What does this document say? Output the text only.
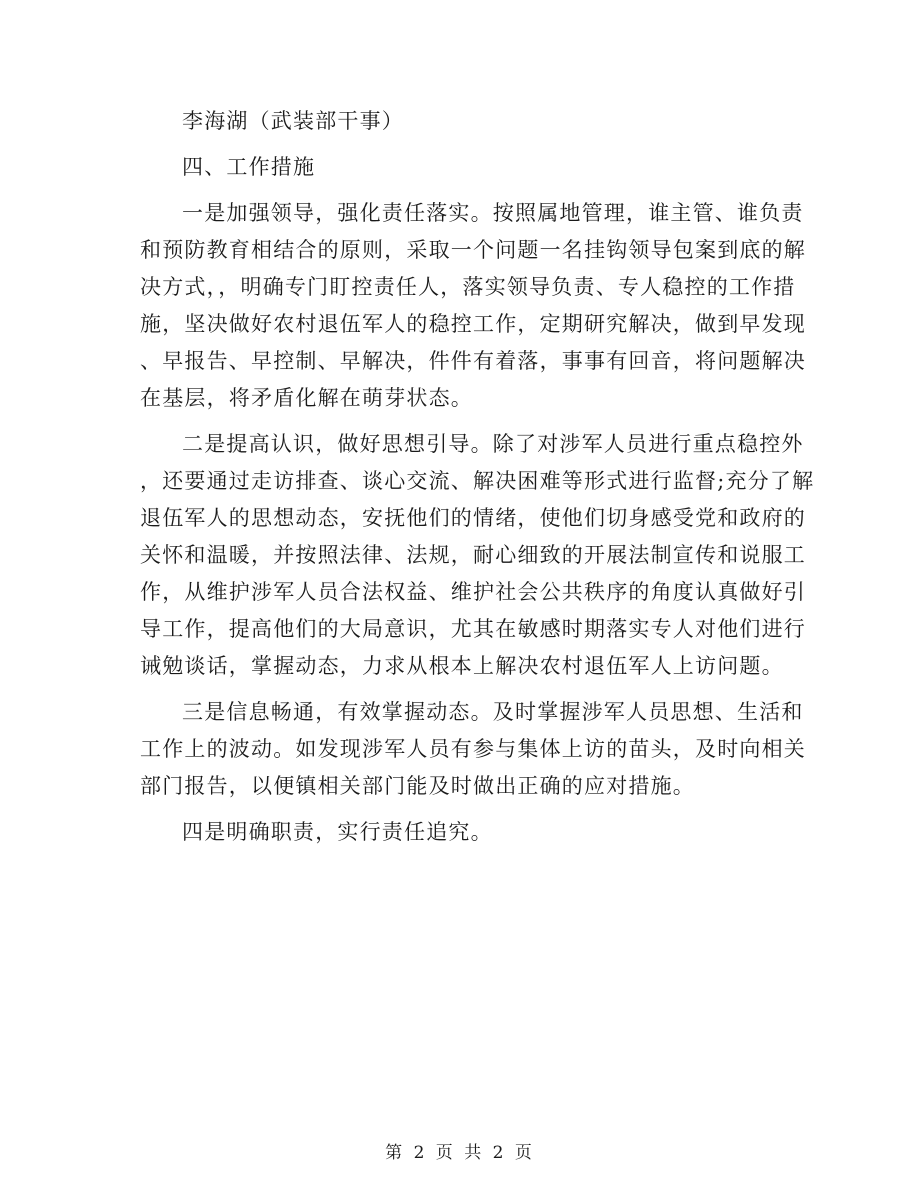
李海湖（武装部干事）

四、工作措施

一是加强领导，强化责任落实。按照属地管理，谁主管、谁负责
和预防教育相结合的原则，采取一个问题一名挂钩领导包案到底的解
决方式，，明确专门盯控责任人，落实领导负责、专人稳控的工作措
施，坚决做好农村退伍军人的稳控工作，定期研究解决，做到早发现
、早报告、早控制、早解决，件件有着落，事事有回音，将问题解决
在基层，将矛盾化解在萌芽状态。

二是提高认识，做好思想引导。除了对涉军人员进行重点稳控外
，还要通过走访排查、谈心交流、解决困难等形式进行监督;充分了解
退伍军人的思想动态，安抚他们的情绪，使他们切身感受党和政府的
关怀和温暖，并按照法律、法规，耐心细致的开展法制宣传和说服工
作，从维护涉军人员合法权益、维护社会公共秩序的角度认真做好引
导工作，提高他们的大局意识，尤其在敏感时期落实专人对他们进行
诫勉谈话，掌握动态，力求从根本上解决农村退伍军人上访问题。

三是信息畅通，有效掌握动态。及时掌握涉军人员思想、生活和
工作上的波动。如发现涉军人员有参与集体上访的苗头，及时向相关
部门报告，以便镇相关部门能及时做出正确的应对措施。

四是明确职责，实行责任追究。

第 2 页 共 2 页
